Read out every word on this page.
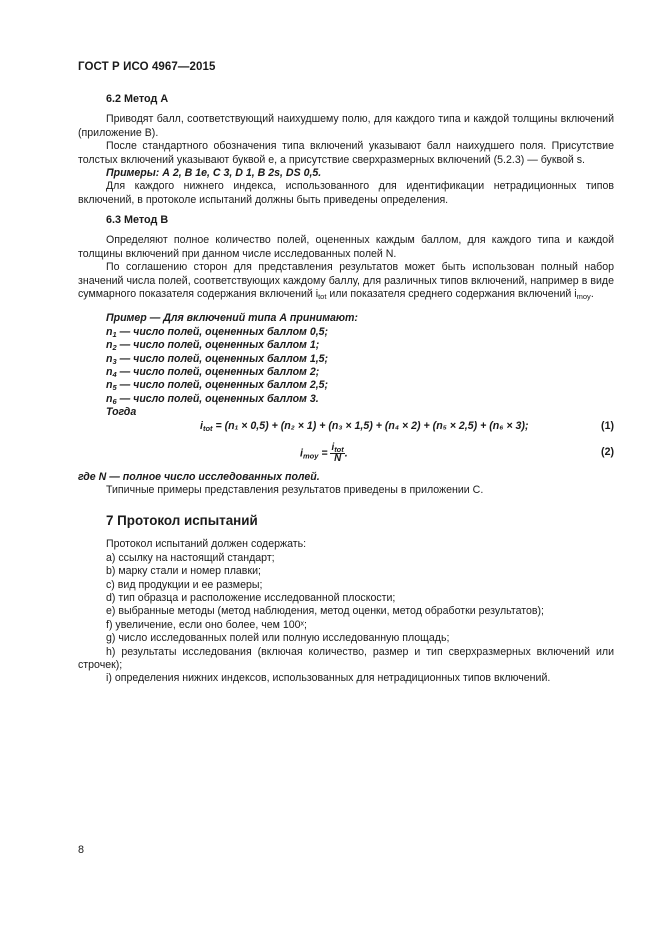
ГОСТ Р ИСО 4967—2015
6.2 Метод А

Приводят балл, соответствующий наихудшему полю, для каждого типа и каждой толщины включений (приложение В).

После стандартного обозначения типа включений указывают балл наихудшего поля. Присутствие толстых включений указывают буквой е, а присутствие сверхразмерных включений (5.2.3) — буквой s.

Примеры: А 2, В 1е, С 3, D 1, В 2s, DS 0,5.

Для каждого нижнего индекса, использованного для идентификации нетрадиционных типов включений, в протоколе испытаний должны быть приведены определения.

6.3 Метод В

Определяют полное количество полей, оцененных каждым баллом, для каждого типа и каждой толщины включений при данном числе исследованных полей N.

По соглашению сторон для представления результатов может быть использован полный набор значений числа полей, соответствующих каждому баллу, для различных типов включений, например в виде суммарного показателя содержания включений $i_{tot}$ или показателя среднего содержания включений $i_{moy}$.

Пример — Для включений типа А принимают:
$n_1$ — число полей, оцененных баллом 0,5;
$n_2$ — число полей, оцененных баллом 1;
$n_3$ — число полей, оцененных баллом 1,5;
$n_4$ — число полей, оцененных баллом 2;
$n_5$ — число полей, оцененных баллом 2,5;
$n_6$ — число полей, оцененных баллом 3.
Тогда
$i_{tot} = (n_1 \times 0,5) + (n_2 \times 1) + (n_3 \times 1,5) + (n_4 \times 2) + (n_5 \times 2,5) + (n_6 \times 3)$;	(1)
$i_{moy} = \frac{i_{tot}}{N}$ .	(2)

где N — полное число исследованных полей.

Типичные примеры представления результатов приведены в приложении С.

7 Протокол испытаний

Протокол испытаний должен содержать:

a) ссылку на настоящий стандарт;

b) марку стали и номер плавки;

c) вид продукции и ее размеры;

d) тип образца и расположение исследованной плоскости;

e) выбранные методы (метод наблюдения, метод оценки, метод обработки результатов);

f) увеличение, если оно более, чем 100ˣ;

g) число исследованных полей или полную исследованную площадь;

h) результаты исследования (включая количество, размер и тип сверхразмерных включений или строчек);

i) определения нижних индексов, использованных для нетрадиционных типов включений.

8
